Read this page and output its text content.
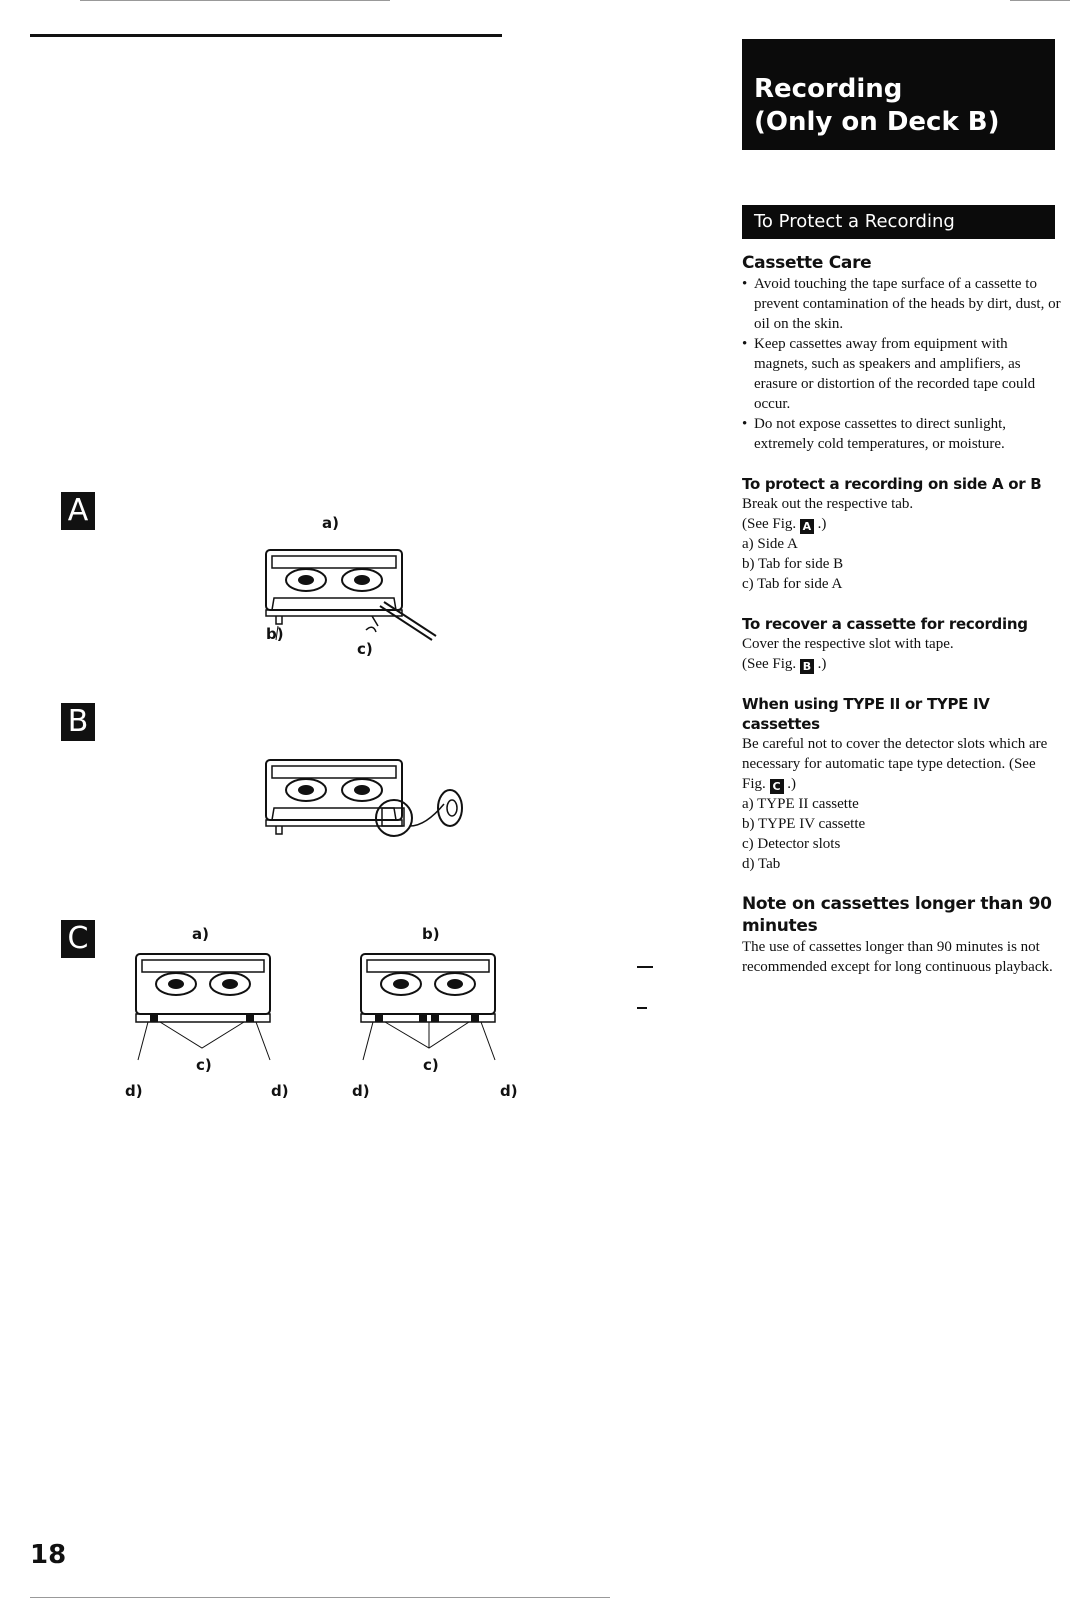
Recording
(Only on Deck B)
To Protect a Recording
Cassette Care
• Avoid touching the tape surface of a cassette to prevent contamination of the heads by dirt, dust, or oil on the skin.
• Keep cassettes away from equipment with magnets, such as speakers and amplifiers, as erasure or distortion of the recorded tape could occur.
• Do not expose cassettes to direct sunlight, extremely cold temperatures, or moisture.
To protect a recording on side A or B

Break out the respective tab.

(See Fig. A .)

a) Side A

b) Tab for side B

c) Tab for side A

To recover a cassette for recording

Cover the respective slot with tape.

(See Fig. B .)

When using TYPE II or TYPE IV cassettes

Be careful not to cover the detector slots which are necessary for automatic tape type detection. (See Fig. C .)

a) TYPE II cassette

b) TYPE IV cassette

c) Detector slots

d) Tab

Note on cassettes longer than 90 minutes

The use of cassettes longer than 90 minutes is not recommended except for long continuous playback.

A
B
C
a)
b)
c)
a)	b)
c)	c)
d)	d)	d)	d)
18
